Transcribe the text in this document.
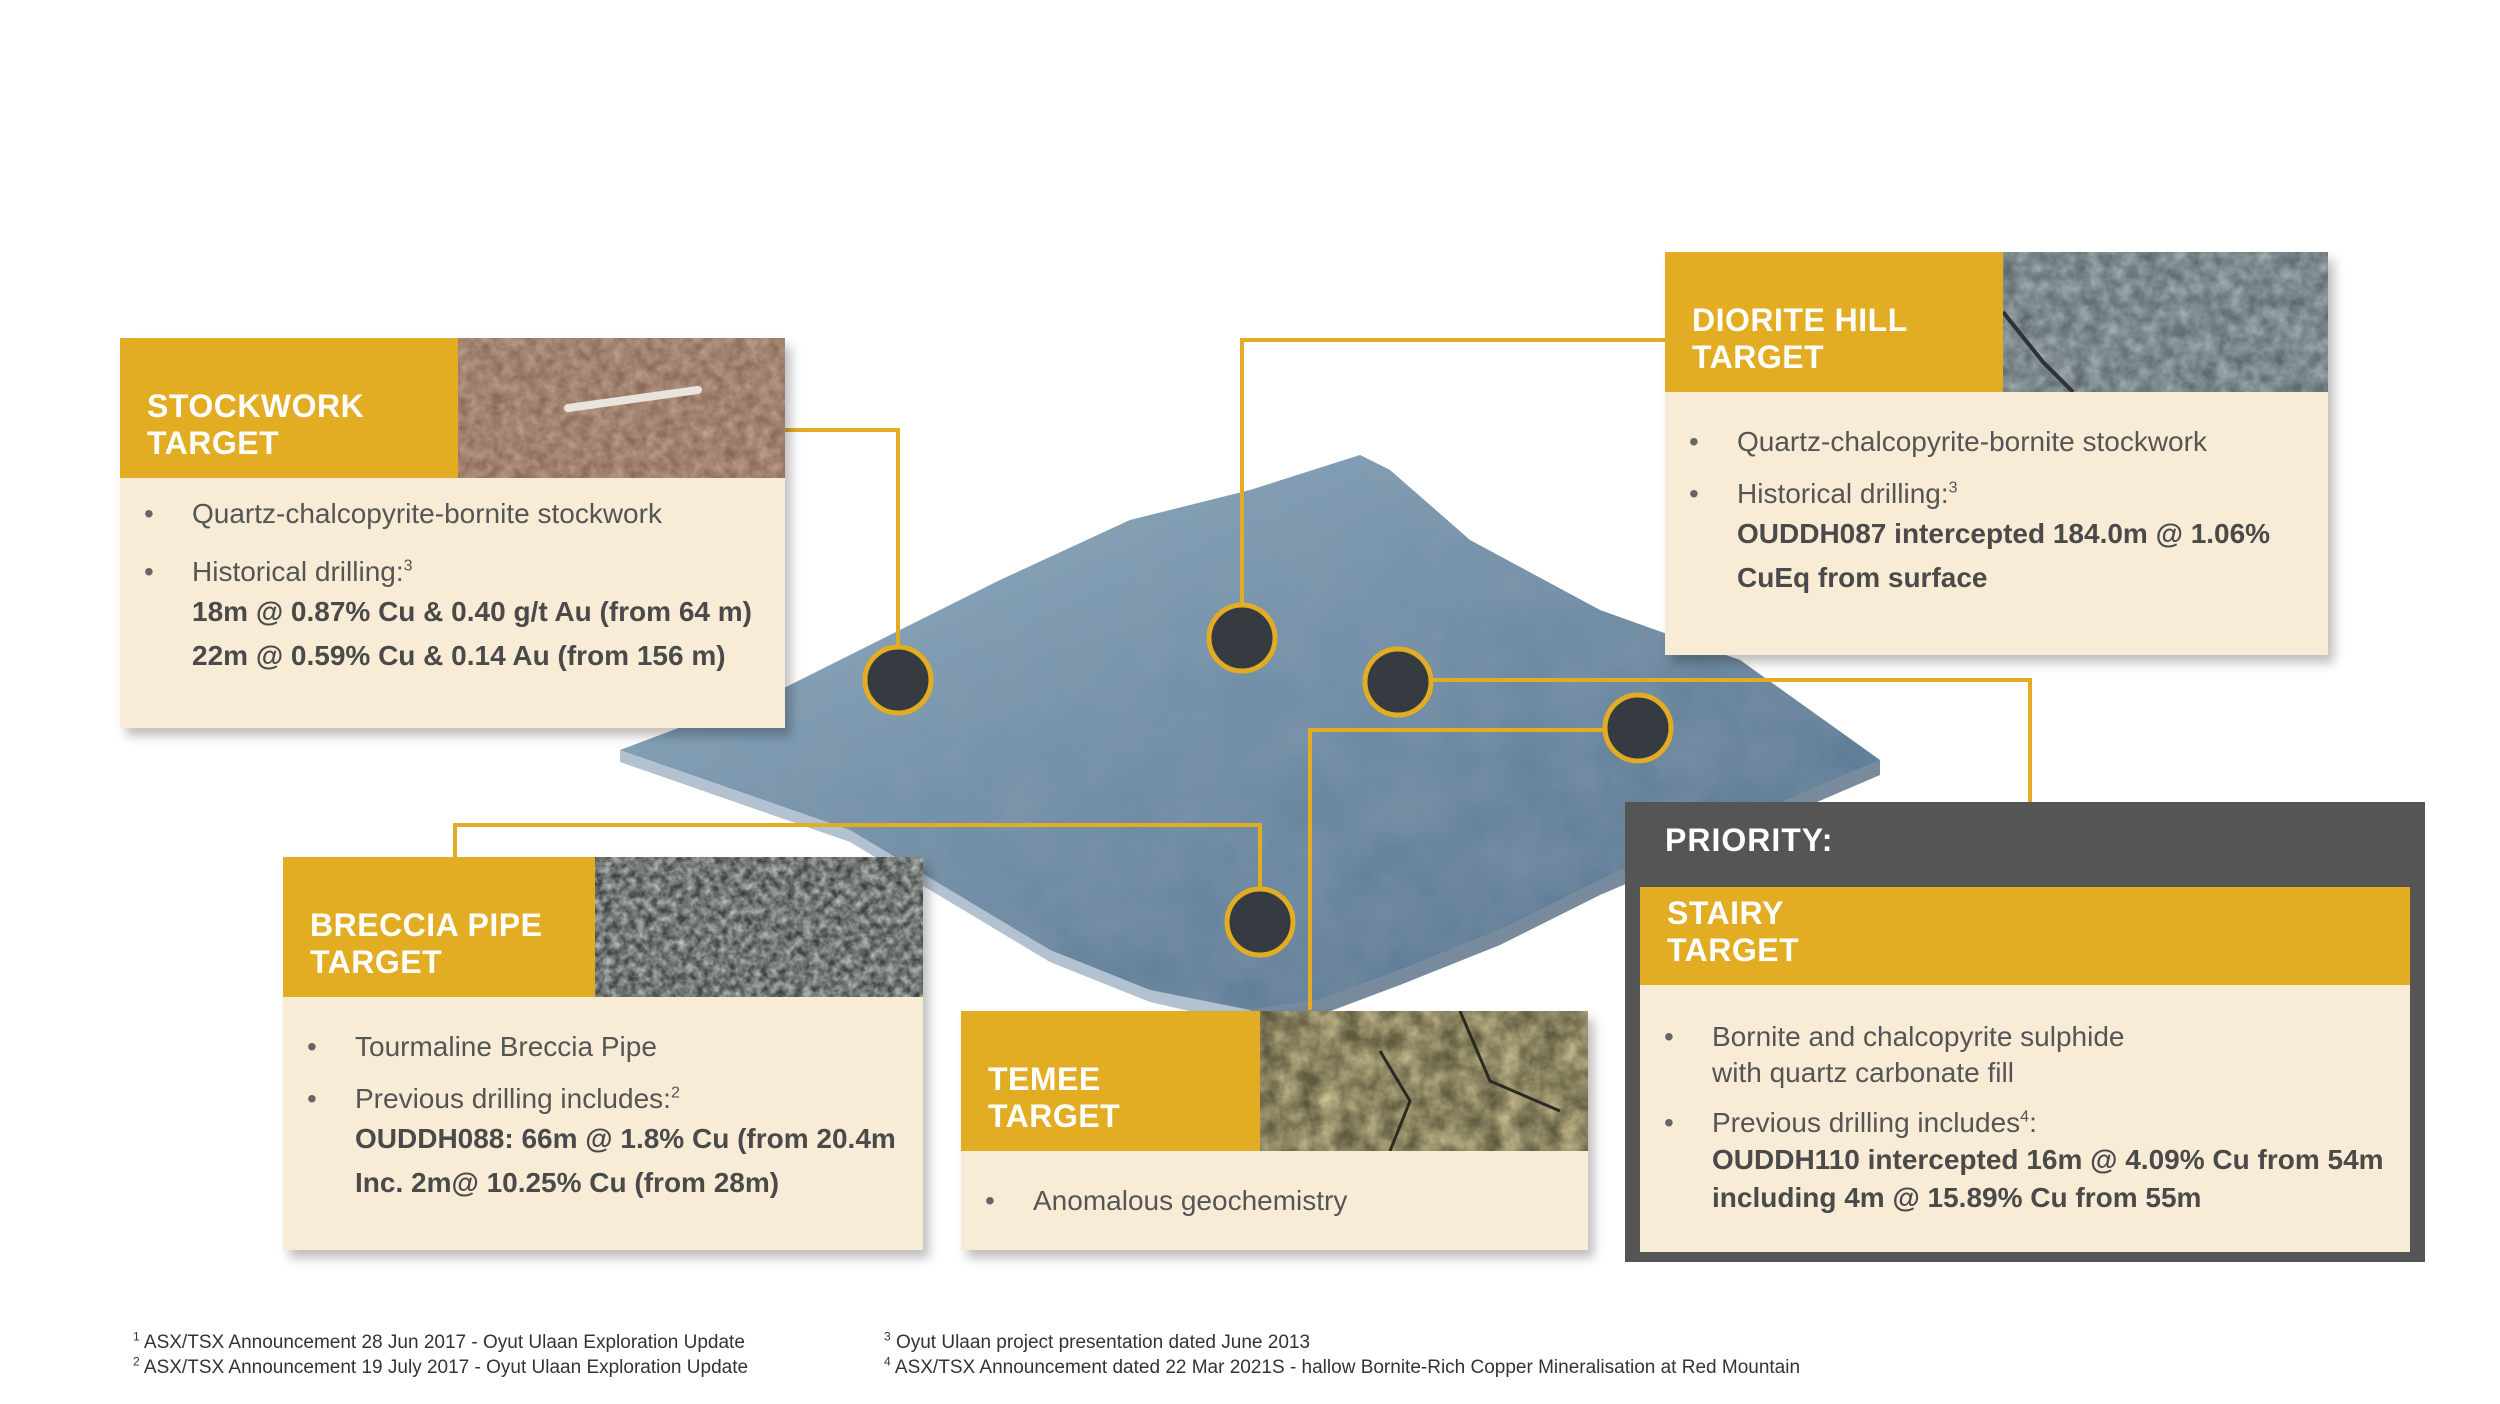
STOCKWORK
TARGET
• Quartz-chalcopyrite-bornite stockwork
• Historical drilling:$^3$
18m @ 0.87% Cu & 0.40 g/t Au (from 64 m)
22m @ 0.59% Cu & 0.14 Au (from 156 m)
DIORITE HILL
TARGET
• Quartz-chalcopyrite-bornite stockwork
• Historical drilling:$^3$
OUDDH087 intercepted 184.0m @ 1.06%
CuEq from surface
BRECCIA PIPE
TARGET
• Tourmaline Breccia Pipe
• Previous drilling includes:$^2$
OUDDH088: 66m @ 1.8% Cu (from 20.4m
Inc. 2m@ 10.25% Cu (from 28m)
TEMEE
TARGET
• Anomalous geochemistry
PRIORITY:
STAIRY
TARGET
• Bornite and chalcopyrite sulphide
with quartz carbonate fill
• Previous drilling includes$^4$:
OUDDH110 intercepted 16m @ 4.09% Cu from 54m
including 4m @ 15.89% Cu from 55m
$^1$ ASX/TSX Announcement 28 Jun 2017 - Oyut Ulaan Exploration Update
$^2$ ASX/TSX Announcement 19 July 2017 - Oyut Ulaan Exploration Update
$^3$ Oyut Ulaan project presentation dated June 2013
$^4$ ASX/TSX Announcement dated 22 Mar 2021S - hallow Bornite-Rich Copper Mineralisation at Red Mountain
